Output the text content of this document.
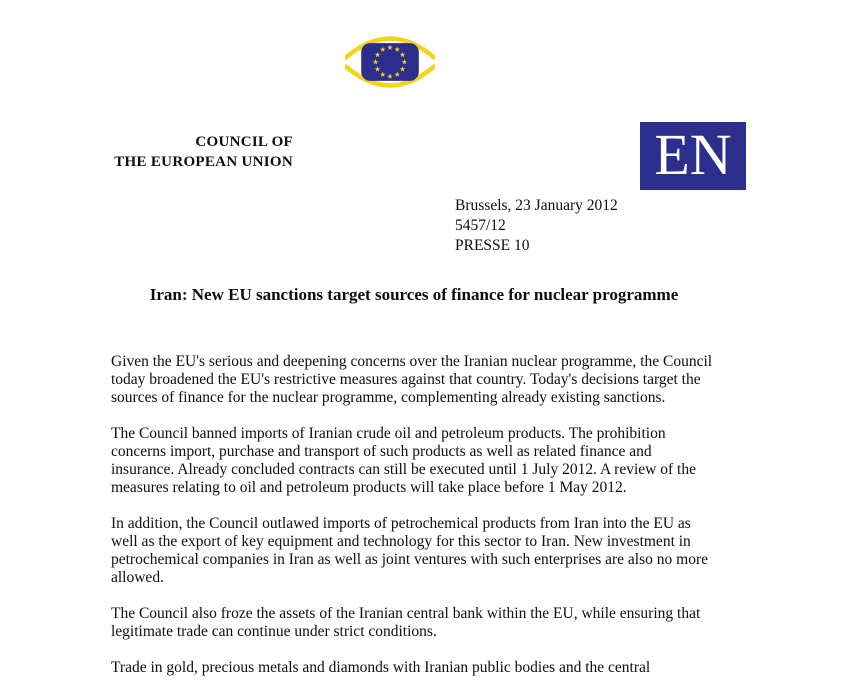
COUNCIL OF
THE EUROPEAN UNION	EN
Brussels, 23 January 2012
5457/12
PRESSE 10
Iran: New EU sanctions target sources of finance for nuclear programme

Given the EU's serious and deepening concerns over the Iranian nuclear programme, the Council today broadened the EU's restrictive measures against that country. Today's decisions target the sources of finance for the nuclear programme, complementing already existing sanctions.

The Council banned imports of Iranian crude oil and petroleum products. The prohibition concerns import, purchase and transport of such products as well as related finance and insurance. Already concluded contracts can still be executed until 1 July 2012. A review of the measures relating to oil and petroleum products will take place before 1 May 2012.

In addition, the Council outlawed imports of petrochemical products from Iran into the EU as well as the export of key equipment and technology for this sector to Iran. New investment in petrochemical companies in Iran as well as joint ventures with such enterprises are also no more allowed.

The Council also froze the assets of the Iranian central bank within the EU, while ensuring that legitimate trade can continue under strict conditions.

Trade in gold, precious metals and diamonds with Iranian public bodies and the central
